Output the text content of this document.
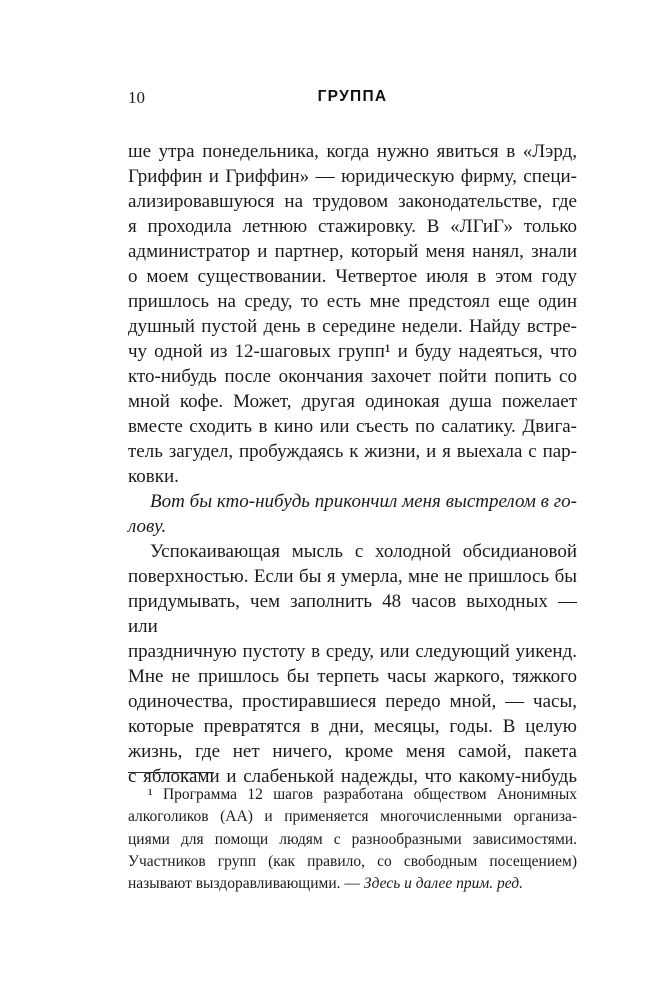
10	ГРУППА
ше утра понедельника, когда нужно явиться в «Лэрд,
Гриффин и Гриффин» — юридическую фирму, специ-
ализировавшуюся на трудовом законодательстве, где
я проходила летнюю стажировку. В «ЛГиГ» только
администратор и партнер, который меня нанял, знали
о моем существовании. Четвертое июля в этом году
пришлось на среду, то есть мне предстоял еще один
душный пустой день в середине недели. Найду встре-
чу одной из 12-шаговых групп¹ и буду надеяться, что
кто-нибудь после окончания захочет пойти попить со
мной кофе. Может, другая одинокая душа пожелает
вместе сходить в кино или съесть по салатику. Двига-
тель загудел, пробуждаясь к жизни, и я выехала с пар-
ковки.
Вот бы кто-нибудь прикончил меня выстрелом в го-
лову.
Успокаивающая мысль с холодной обсидиановой
поверхностью. Если бы я умерла, мне не пришлось бы
придумывать, чем заполнить 48 часов выходных — или
праздничную пустоту в среду, или следующий уикенд.
Мне не пришлось бы терпеть часы жаркого, тяжкого
одиночества, простиравшиеся передо мной, — часы,
которые превратятся в дни, месяцы, годы. В целую
жизнь, где нет ничего, кроме меня самой, пакета
с яблоками и слабенькой надежды, что какому-нибудь
¹ Программа 12 шагов разработана обществом Анонимных
алкоголиков (АА) и применяется многочисленными организа-
циями для помощи людям с разнообразными зависимостями.
Участников групп (как правило, со свободным посещением)
называют выздоравливающими. — Здесь и далее прим. ред.
